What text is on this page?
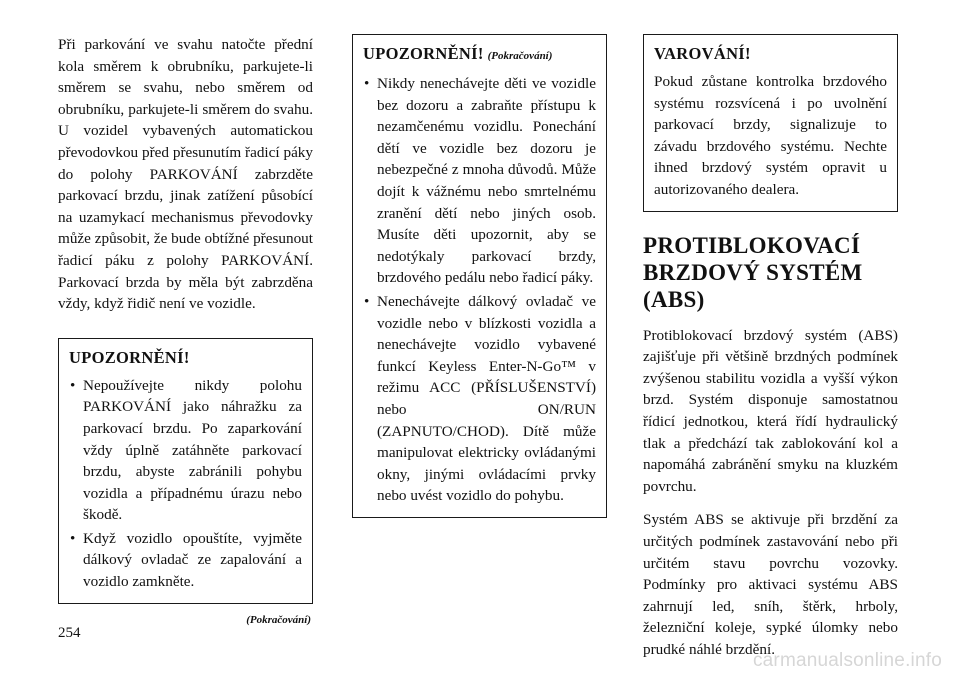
Při parkování ve svahu natočte přední kola směrem k obrubníku, parkujete-li směrem se svahu, nebo směrem od obrubníku, parkujete-li směrem do svahu. U vozidel vybavených automatickou převodovkou před přesunutím řadicí páky do polohy PARKOVÁNÍ zabrzděte parkovací brzdu, jinak zatížení působící na uzamykací mechanismus převodovky může způsobit, že bude obtížné přesunout řadicí páku z polohy PARKOVÁNÍ. Parkovací brzda by měla být zabrzděna vždy, když řidič není ve vozidle.

UPOZORNĚNÍ!
• Nepoužívejte nikdy polohu PARKOVÁNÍ jako náhražku za parkovací brzdu. Po zaparkování vždy úplně zatáhněte parkovací brzdu, abyste zabránili pohybu vozidla a případnému úrazu nebo škodě.
• Když vozidlo opouštíte, vyjměte dálkový ovladač ze zapalování a vozidlo zamkněte.
(Pokračování)
UPOZORNĚNÍ! (Pokračování)
• Nikdy nenechávejte děti ve vozidle bez dozoru a zabraňte přístupu k nezamčenému vozidlu. Ponechání dětí ve vozidle bez dozoru je nebezpečné z mnoha důvodů. Může dojít k vážnému nebo smrtelnému zranění dětí nebo jiných osob. Musíte děti upozornit, aby se nedotýkaly parkovací brzdy, brzdového pedálu nebo řadicí páky.
• Nenechávejte dálkový ovladač ve vozidle nebo v blízkosti vozidla a nenechávejte vozidlo vybavené funkcí Keyless Enter-N-Go™ v režimu ACC (PŘÍSLUŠENSTVÍ) nebo ON/RUN (ZAPNUTO/CHOD). Dítě může manipulovat elektricky ovládanými okny, jinými ovládacími prvky nebo uvést vozidlo do pohybu.
VAROVÁNÍ!

Pokud zůstane kontrolka brzdového systému rozsvícená i po uvolnění parkovací brzdy, signalizuje to závadu brzdového systému. Nechte ihned brzdový systém opravit u autorizovaného dealera.

PROTIBLOKOVACÍ
BRZDOVÝ SYSTÉM
(ABS)

Protiblokovací brzdový systém (ABS) zajišťuje při většině brzdných podmínek zvýšenou stabilitu vozidla a vyšší výkon brzd. Systém disponuje samostatnou řídicí jednotkou, která řídí hydraulický tlak a předchází tak zablokování kol a napomáhá zabránění smyku na kluzkém povrchu.

Systém ABS se aktivuje při brzdění za určitých podmínek zastavování nebo při určitém stavu povrchu vozovky. Podmínky pro aktivaci systému ABS zahrnují led, sníh, štěrk, hrboly, železniční koleje, sypké úlomky nebo prudké náhlé brzdění.

254
carmanualsonline.info
